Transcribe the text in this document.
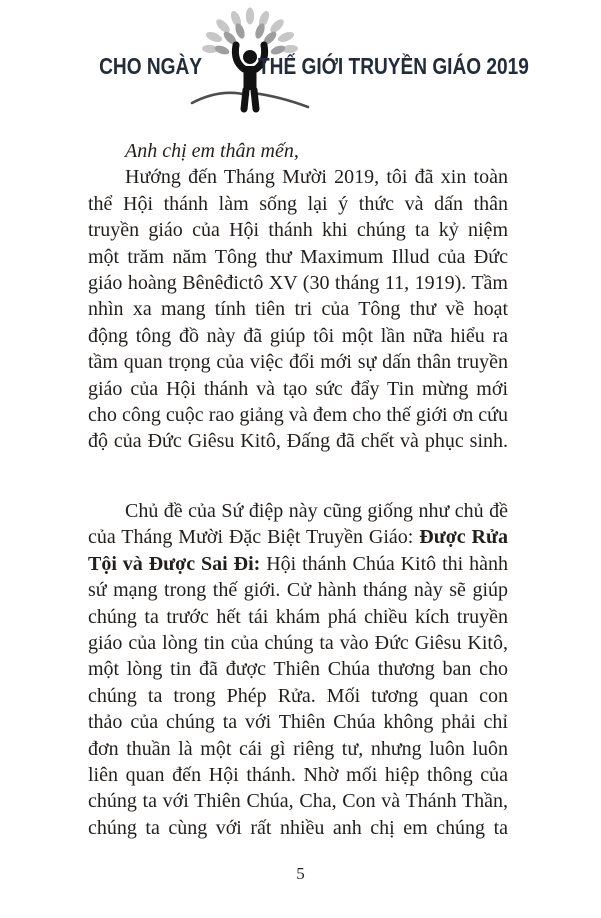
CHO NGÀY THẾ GIỚI TRUYỀN GIÁO 2019
Anh chị em thân mến,
Hướng đến Tháng Mười 2019, tôi đã xin toàn
thể Hội thánh làm sống lại ý thức và dấn thân
truyền giáo của Hội thánh khi chúng ta kỷ niệm
một trăm năm Tông thư Maximum Illud của Đức
giáo hoàng Bênêđictô XV (30 tháng 11, 1919). Tầm
nhìn xa mang tính tiên tri của Tông thư về hoạt
động tông đồ này đã giúp tôi một lần nữa hiểu ra
tầm quan trọng của việc đổi mới sự dấn thân truyền
giáo của Hội thánh và tạo sức đẩy Tin mừng mới
cho công cuộc rao giảng và đem cho thế giới ơn cứu
độ của Đức Giêsu Kitô, Đấng đã chết và phục sinh.
Chủ đề của Sứ điệp này cũng giống như chủ đề
của Tháng Mười Đặc Biệt Truyền Giáo: Được Rửa
Tội và Được Sai Đi: Hội thánh Chúa Kitô thi hành
sứ mạng trong thế giới. Cử hành tháng này sẽ giúp
chúng ta trước hết tái khám phá chiều kích truyền
giáo của lòng tin của chúng ta vào Đức Giêsu Kitô,
một lòng tin đã được Thiên Chúa thương ban cho
chúng ta trong Phép Rửa. Mối tương quan con
thảo của chúng ta với Thiên Chúa không phải chỉ
đơn thuần là một cái gì riêng tư, nhưng luôn luôn
liên quan đến Hội thánh. Nhờ mối hiệp thông của
chúng ta với Thiên Chúa, Cha, Con và Thánh Thần,
chúng ta cùng với rất nhiều anh chị em chúng ta
5
